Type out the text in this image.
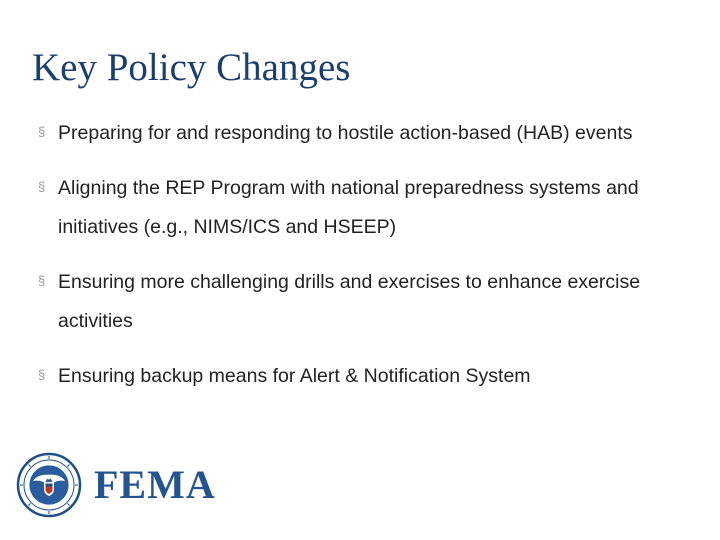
Key Policy Changes
§ Preparing for and responding to hostile action-based (HAB) events
§ Aligning the REP Program with national preparedness systems and initiatives (e.g., NIMS/ICS and HSEEP)
§ Ensuring more challenging drills and exercises to enhance exercise activities
§ Ensuring backup means for Alert & Notification System
FEMA
